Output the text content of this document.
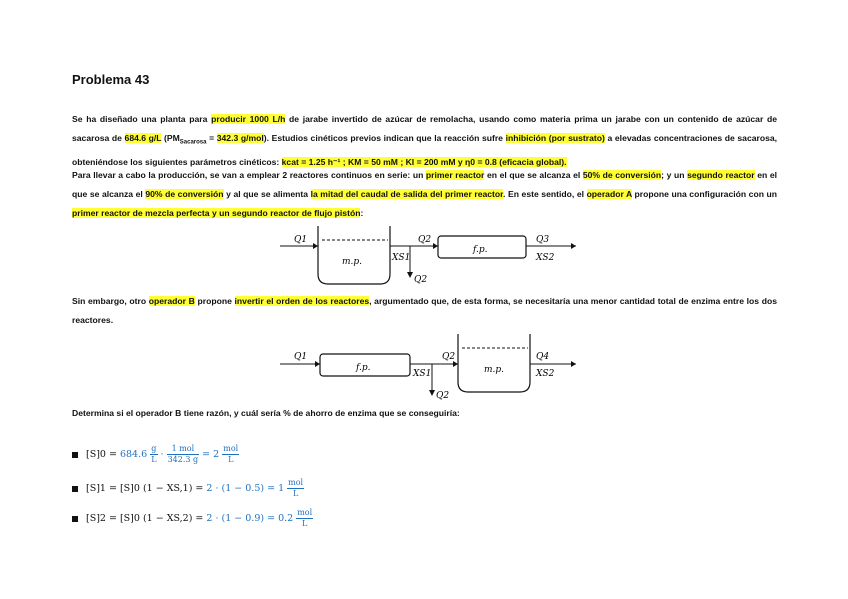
Problema 43
Se ha diseñado una planta para producir 1000 L/h de jarabe invertido de azúcar de remolacha, usando como materia prima un jarabe con un contenido de azúcar de sacarosa de 684.6 g/L ($PM_{Sacarosa} = 342.3$ g/mol). Estudios cinéticos previos indican que la reacción sufre inhibición (por sustrato) a elevadas concentraciones de sacarosa, obteniéndose los siguientes parámetros cinéticos: kcat = 1.25 h⁻¹ ; KM = 50 mM ; KI = 200 mM y η0 = 0.8 (eficacia global).
Para llevar a cabo la producción, se van a emplear 2 reactores continuos en serie: un primer reactor en el que se alcanza el 50% de conversión; y un segundo reactor en el que se alcanza el 90% de conversión y al que se alimenta la mitad del caudal de salida del primer reactor. En este sentido, el operador A propone una configuración con un primer reactor de mezcla perfecta y un segundo reactor de flujo pistón:
Q1
m.p.
Q2
Q2
XS1
f.p.
Q3
XS2
Sin embargo, otro operador B propone invertir el orden de los reactores, argumentado que, de esta forma, se necesitaría una menor cantidad total de enzima entre los dos reactores.
Q1
f.p.
Q2
XS1
Q2
m.p.
Q4
XS2
Determina si el operador B tiene razón, y cuál sería % de ahorro de enzima que se conseguiría:
$[S]0 = 684.6 \frac{g}{L} \cdot \frac{\text{1 mol}}{342.3 g} = 2 \frac{\text{mol}}{L}$
[S]1 = [S]0 $(1 - XS,1) = 2 \cdot (1 - 0.5) = 1 \frac{\text{mol}}{L}$
[S]2 = [S]0 $(1 - XS,2) = 2 \cdot (1 - 0.9) = 0.2 \frac{\text{mol}}{L}$
